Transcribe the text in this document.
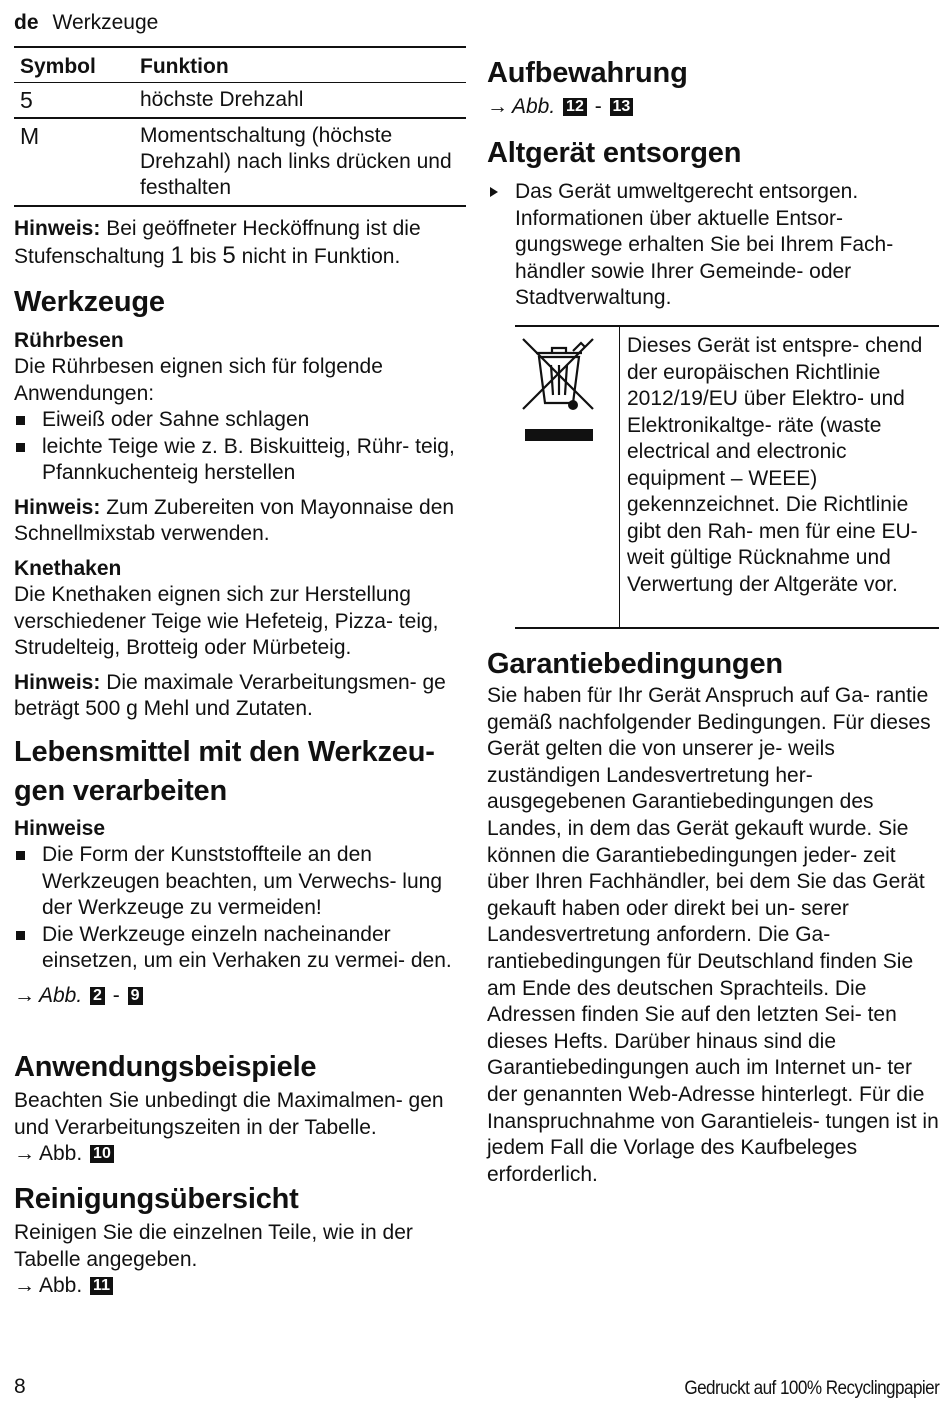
de Werkzeuge
Symbol	Funktion
5	höchste Drehzahl
M	Momentschaltung (höchste Drehzahl) nach links drücken und festhalten

Hinweis: Bei geöffneter Hecköffnung ist die Stufenschaltung 1 bis 5 nicht in Funktion.

Werkzeuge
Rührbesen

Die Rührbesen eignen sich für folgende Anwendungen:

Eiweiß oder Sahne schlagen
leichte Teige wie z. B. Biskuitteig, Rühr- teig, Pfannkuchenteig herstellen

Hinweis: Zum Zubereiten von Mayonnaise den Schnellmixstab verwenden.

Knethaken

Die Knethaken eignen sich zur Herstellung verschiedener Teige wie Hefeteig, Pizza- teig, Strudelteig, Brotteig oder Mürbeteig.

Hinweis: Die maximale Verarbeitungsmen- ge beträgt 500 g Mehl und Zutaten.

Lebensmittel mit den Werkzeu- gen verarbeiten
Hinweise
Die Form der Kunststoffteile an den Werkzeugen beachten, um Verwechs- lung der Werkzeuge zu vermeiden!
Die Werkzeuge einzeln nacheinander einsetzen, um ein Verhaken zu vermei- den.

→ Abb. 2 - 9

Anwendungsbeispiele

Beachten Sie unbedingt die Maximalmen- gen und Verarbeitungszeiten in der Tabelle.

→ Abb. 10

Reinigungsübersicht

Reinigen Sie die einzelnen Teile, wie in der Tabelle angegeben.

→ Abb. 11

Aufbewahrung

→ Abb. 12 - 13

Altgerät entsorgen
Das Gerät umweltgerecht entsorgen.

Informationen über aktuelle Entsor- gungswege erhalten Sie bei Ihrem Fach- händler sowie Ihrer Gemeinde- oder Stadtverwaltung.

Dieses Gerät ist entspre- chend der europäischen Richtlinie 2012/19/EU über Elektro- und Elektronikaltge- räte (waste electrical and electronic equipment – WEEE) gekennzeichnet. Die Richtlinie gibt den Rah- men für eine EU-weit gültige Rücknahme und Verwertung der Altgeräte vor.

Garantiebedingungen

Sie haben für Ihr Gerät Anspruch auf Ga- rantie gemäß nachfolgender Bedingungen. Für dieses Gerät gelten die von unserer je- weils zuständigen Landesvertretung her- ausgegebenen Garantiebedingungen des Landes, in dem das Gerät gekauft wurde. Sie können die Garantiebedingungen jeder- zeit über Ihren Fachhändler, bei dem Sie das Gerät gekauft haben oder direkt bei un- serer Landesvertretung anfordern. Die Ga- rantiebedingungen für Deutschland finden Sie am Ende des deutschen Sprachteils. Die Adressen finden Sie auf den letzten Sei- ten dieses Hefts. Darüber hinaus sind die Garantiebedingungen auch im Internet un- ter der genannten Web-Adresse hinterlegt. Für die Inanspruchnahme von Garantieleis- tungen ist in jedem Fall die Vorlage des Kaufbeleges erforderlich.

8	Gedruckt auf 100% Recyclingpapier
